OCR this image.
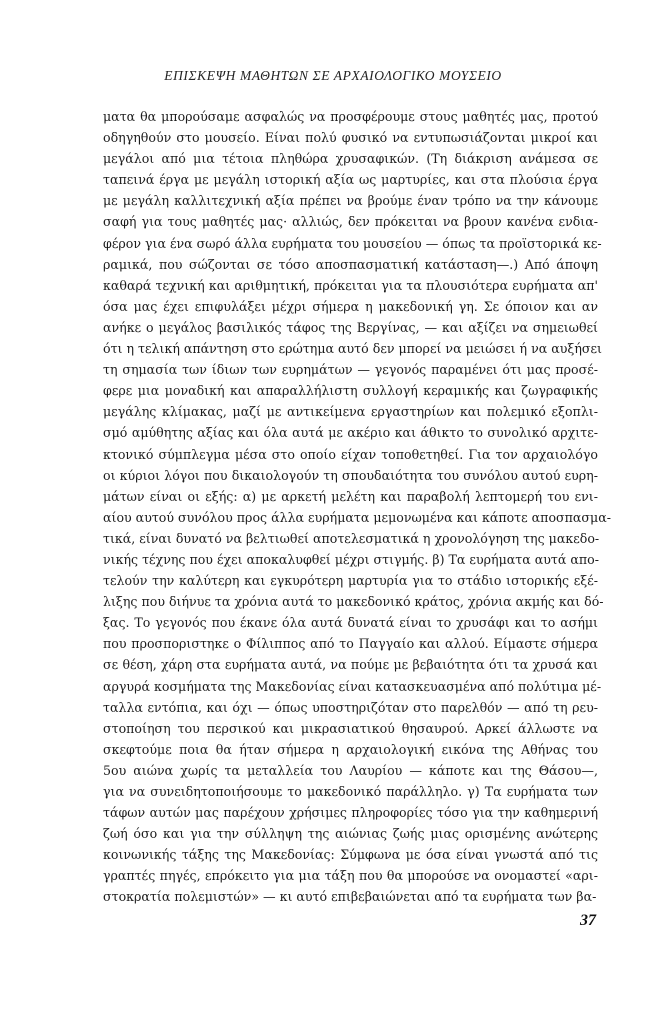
ΕΠΙΣΚΕΨΗ ΜΑΘΗΤΩΝ ΣΕ ΑΡΧΑΙΟΛΟΓΙΚΟ ΜΟΥΣΕΙΟ
ματα θα μπορούσαμε ασφαλώς να προσφέρουμε στους μαθητές μας, προτού
οδηγηθούν στο μουσείο. Είναι πολύ φυσικό να εντυπωσιάζονται μικροί και
μεγάλοι από μια τέτοια πληθώρα χρυσαφικών. (Τη διάκριση ανάμεσα σε
ταπεινά έργα με μεγάλη ιστορική αξία ως μαρτυρίες, και στα πλούσια έργα
με μεγάλη καλλιτεχνική αξία πρέπει να βρούμε έναν τρόπο να την κάνουμε
σαφή για τους μαθητές μας· αλλιώς, δεν πρόκειται να βρουν κανένα ενδια-
φέρον για ένα σωρό άλλα ευρήματα του μουσείου — όπως τα προϊστορικά κε-
ραμικά, που σώζονται σε τόσο αποσπασματική κατάσταση—.) Από άποψη
καθαρά τεχνική και αριθμητική, πρόκειται για τα πλουσιότερα ευρήματα απ'
όσα μας έχει επιφυλάξει μέχρι σήμερα η μακεδονική γη. Σε όποιον και αν
ανήκε ο μεγάλος βασιλικός τάφος της Βεργίνας, — και αξίζει να σημειωθεί
ότι η τελική απάντηση στο ερώτημα αυτό δεν μπορεί να μειώσει ή να αυξήσει
τη σημασία των ίδιων των ευρημάτων — γεγονός παραμένει ότι μας προσέ-
φερε μια μοναδική και απαραλλήλιστη συλλογή κεραμικής και ζωγραφικής
μεγάλης κλίμακας, μαζί με αντικείμενα εργαστηρίων και πολεμικό εξοπλι-
σμό αμύθητης αξίας και όλα αυτά με ακέριο και άθικτο το συνολικό αρχιτε-
κτονικό σύμπλεγμα μέσα στο οποίο είχαν τοποθετηθεί. Για τον αρχαιολόγο
οι κύριοι λόγοι που δικαιολογούν τη σπουδαιότητα του συνόλου αυτού ευρη-
μάτων είναι οι εξής: α) με αρκετή μελέτη και παραβολή λεπτομερή του ενι-
αίου αυτού συνόλου προς άλλα ευρήματα μεμονωμένα και κάποτε αποσπασμα-
τικά, είναι δυνατό να βελτιωθεί αποτελεσματικά η χρονολόγηση της μακεδο-
νικής τέχνης που έχει αποκαλυφθεί μέχρι στιγμής. β) Τα ευρήματα αυτά απο-
τελούν την καλύτερη και εγκυρότερη μαρτυρία για το στάδιο ιστορικής εξέ-
λιξης που διήνυε τα χρόνια αυτά το μακεδονικό κράτος, χρόνια ακμής και δό-
ξας. Το γεγονός που έκανε όλα αυτά δυνατά είναι το χρυσάφι και το ασήμι
που προσποριστηκε ο Φίλιππος από το Παγγαίο και αλλού. Είμαστε σήμερα
σε θέση, χάρη στα ευρήματα αυτά, να πούμε με βεβαιότητα ότι τα χρυσά και
αργυρά κοσμήματα της Μακεδονίας είναι κατασκευασμένα από πολύτιμα μέ-
ταλλα εντόπια, και όχι — όπως υποστηριζόταν στο παρελθόν — από τη ρευ-
στοποίηση του περσικού και μικρασιατικού θησαυρού. Αρκεί άλλωστε να
σκεφτούμε ποια θα ήταν σήμερα η αρχαιολογική εικόνα της Αθήνας του
5ου αιώνα χωρίς τα μεταλλεία του Λαυρίου — κάποτε και της Θάσου—,
για να συνειδητοποιήσουμε το μακεδονικό παράλληλο. γ) Τα ευρήματα των
τάφων αυτών μας παρέχουν χρήσιμες πληροφορίες τόσο για την καθημερινή
ζωή όσο και για την σύλληψη της αιώνιας ζωής μιας ορισμένης ανώτερης
κοινωνικής τάξης της Μακεδονίας: Σύμφωνα με όσα είναι γνωστά από τις
γραπτές πηγές, επρόκειτο για μια τάξη που θα μπορούσε να ονομαστεί «αρι-
στοκρατία πολεμιστών» — κι αυτό επιβεβαιώνεται από τα ευρήματα των βα-
37
